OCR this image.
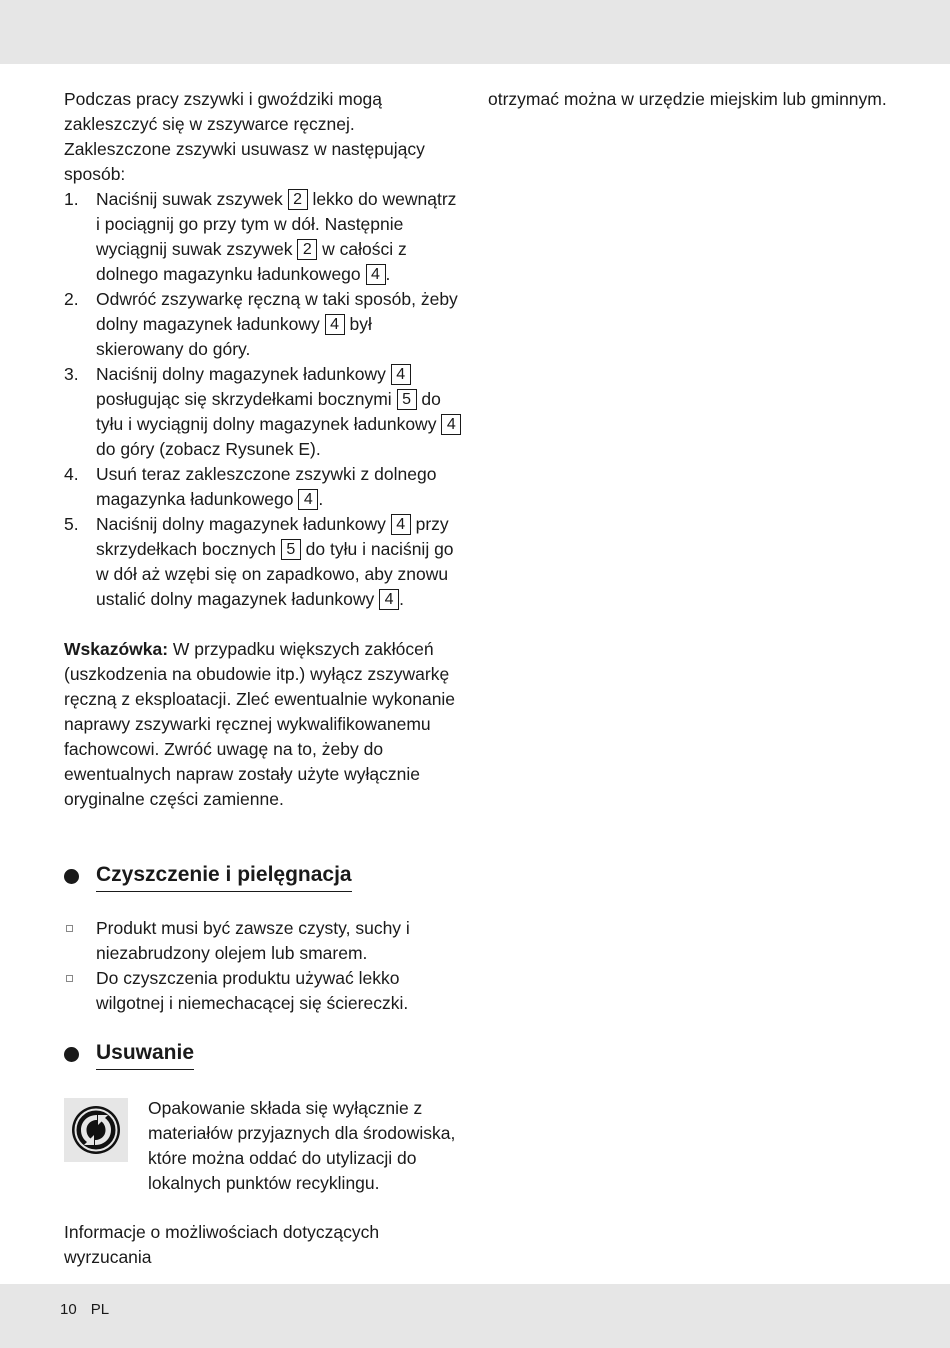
Podczas pracy zszywki i gwoździki mogą zakleszczyć się w zszywarce ręcznej. Zakleszczone zszywki usuwasz w następujący sposób:

1. Naciśnij suwak zszywek 2 lekko do wewnątrz i pociągnij go przy tym w dół. Następnie wyciągnij suwak zszywek 2 w całości z dolnego magazynku ładunkowego 4 .
2. Odwróć zszywarkę ręczną w taki sposób, żeby dolny magazynek ładunkowy 4 był skierowany do góry.
3. Naciśnij dolny magazynek ładunkowy 4 posługując się skrzydełkami bocznymi 5 do tyłu i wyciągnij dolny magazynek ładunkowy 4 do góry (zobacz Rysunek E).
4. Usuń teraz zakleszczone zszywki z dolnego magazynka ładunkowego 4 .
5. Naciśnij dolny magazynek ładunkowy 4 przy skrzydełkach bocznych 5 do tyłu i naciśnij go w dół aż wzębi się on zapadkowo, aby znowu ustalić dolny magazynek ładunkowy 4 .

Wskazówka: W przypadku większych zakłóceń (uszkodzenia na obudowie itp.) wyłącz zszywarkę ręczną z eksploatacji. Zleć ewentualnie wykonanie naprawy zszywarki ręcznej wykwalifikowanemu fachowcowi. Zwróć uwagę na to, żeby do ewentualnych napraw zostały użyte wyłącznie oryginalne części zamienne.

Czyszczenie i pielęgnacja
Produkt musi być zawsze czysty, suchy i niezabrudzony olejem lub smarem.
Do czyszczenia produktu używać lekko wilgotnej i niemechacącej się ściereczki.
Usuwanie

Opakowanie składa się wyłącznie z materiałów przyjaznych dla środowiska, które można oddać do utylizacji do lokalnych punktów recyklingu.

Informacje o możliwościach dotyczących wyrzucania

otrzymać można w urzędzie miejskim lub gminnym.

10 PL
